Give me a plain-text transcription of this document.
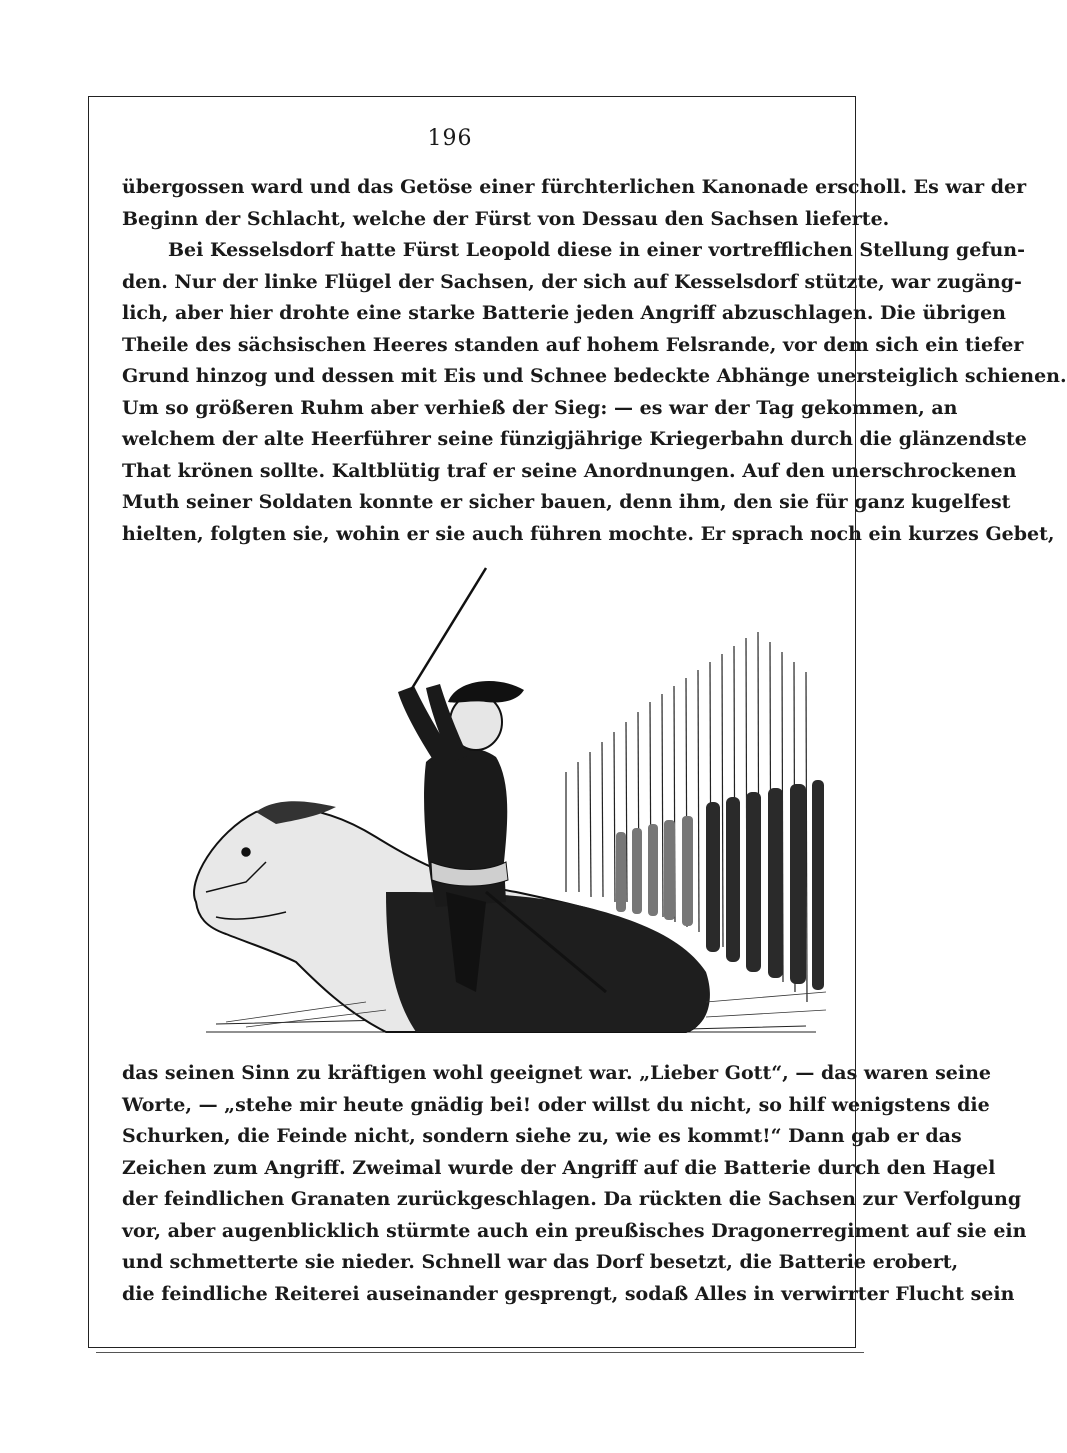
196
übergossen ward und das Getöse einer fürchterlichen Kanonade erscholl. Es war der
Beginn der Schlacht, welche der Fürst von Dessau den Sachsen lieferte.
Bei Kesselsdorf hatte Fürst Leopold diese in einer vortrefflichen Stellung gefun-
den. Nur der linke Flügel der Sachsen, der sich auf Kesselsdorf stützte, war zugäng-
lich, aber hier drohte eine starke Batterie jeden Angriff abzuschlagen. Die übrigen
Theile des sächsischen Heeres standen auf hohem Felsrande, vor dem sich ein tiefer
Grund hinzog und dessen mit Eis und Schnee bedeckte Abhänge unersteiglich schienen.
Um so größeren Ruhm aber verhieß der Sieg: — es war der Tag gekommen, an
welchem der alte Heerführer seine fünzigjährige Kriegerbahn durch die glänzendste
That krönen sollte. Kaltblütig traf er seine Anordnungen. Auf den unerschrockenen
Muth seiner Soldaten konnte er sicher bauen, denn ihm, den sie für ganz kugelfest
hielten, folgten sie, wohin er sie auch führen mochte. Er sprach noch ein kurzes Gebet,
das seinen Sinn zu kräftigen wohl geeignet war. „Lieber Gott“, — das waren seine
Worte, — „stehe mir heute gnädig bei! oder willst du nicht, so hilf wenigstens die
Schurken, die Feinde nicht, sondern siehe zu, wie es kommt!“ Dann gab er das
Zeichen zum Angriff. Zweimal wurde der Angriff auf die Batterie durch den Hagel
der feindlichen Granaten zurückgeschlagen. Da rückten die Sachsen zur Verfolgung
vor, aber augenblicklich stürmte auch ein preußisches Dragonerregiment auf sie ein
und schmetterte sie nieder. Schnell war das Dorf besetzt, die Batterie erobert,
die feindliche Reiterei auseinander gesprengt, sodaß Alles in verwirrter Flucht sein
